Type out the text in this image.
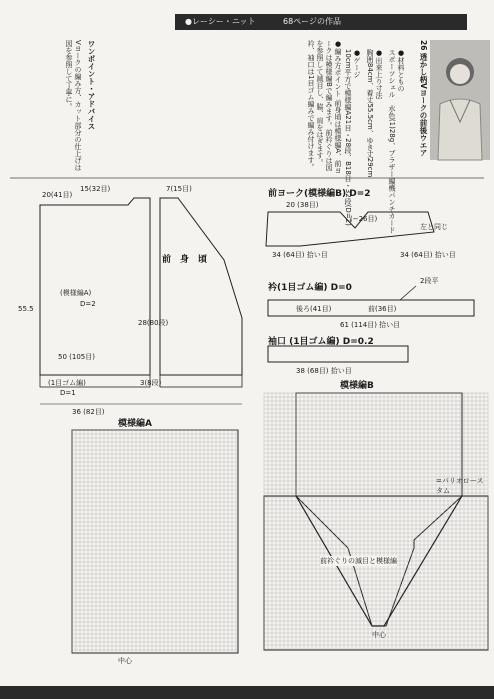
●レーシー・ニット	68ページの作品
26 透かし柄Vヨークの前後ウエア

●材料ともの
スポーツシェル　水色(1)28g、ブラザー編機パンチカード

●出来上り寸法
胸囲84cm、着丈55.5cm、ゆき丈29cm

●ゲージ
10cm平方で模様編A21目・28段、B18目・32段(D=2)

●編み方ポイント 前身頃は模様編A、前ヨークは模様編Bで編みます。前衿ぐりは図を参照して減目し、脇、肩をはぎます。衿、袖口は1目ゴム編みで編み付けます。
ワンポイント・アドバイス
Vヨークの編み方、カット部分の仕上げは図を参照して丁寧に。
20(41目)
15(32目)	7(15目)
55.5
(模様編A)
D=2
50 (105目)
(1目ゴム編)
D=1
36 (82目)
3(8段)
28(80段)
前　身　頃
前ヨーク(模様編B) D=2
20 (38目)
(−26目)
左と同じ
34 (64目) 拾い目	34 (64目) 拾い目
衿(1目ゴム編) D=0
2段平
後ろ(41目)	前(36目)
61 (114目) 拾い目
袖口 (1目ゴム編) D=0.2
38 (68目) 拾い目
模様編A
中心
模様編B
前衿ぐりの減目と模様編
中心
=パリオロースタム
